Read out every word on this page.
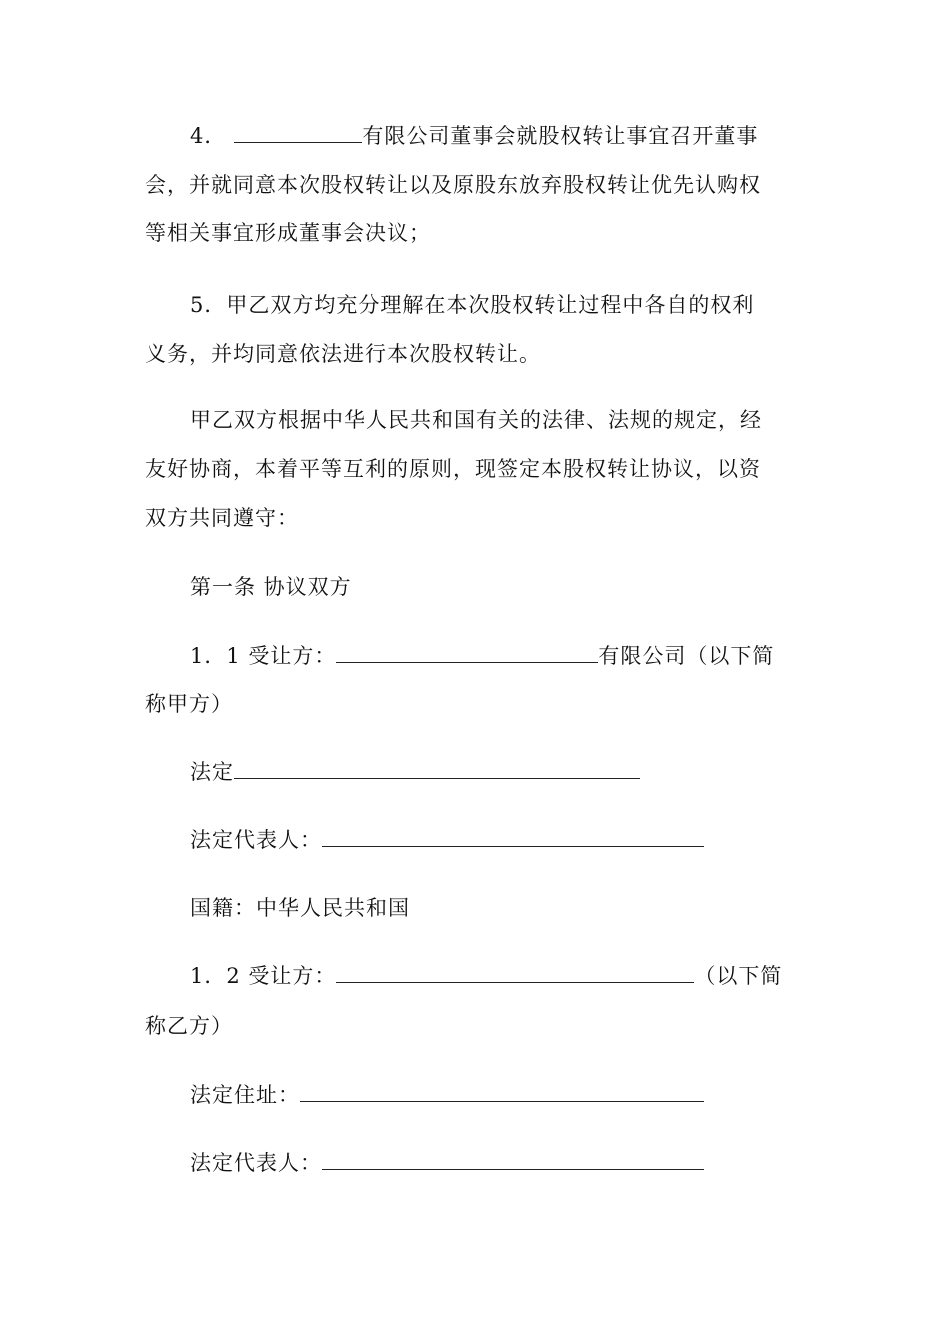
4．	有限公司董事会就股权转让事宜召开董事
会，并就同意本次股权转让以及原股东放弃股权转让优先认购权
等相关事宜形成董事会决议；
5．甲乙双方均充分理解在本次股权转让过程中各自的权利
义务，并均同意依法进行本次股权转让。
甲乙双方根据中华人民共和国有关的法律、法规的规定，经
友好协商，本着平等互利的原则，现签定本股权转让协议，以资
双方共同遵守：
第一条 协议双方
1．1 受让方：	有限公司（以下简
称甲方）
法定
法定代表人：
国籍：中华人民共和国
1．2 受让方：	（以下简
称乙方）
法定住址：
法定代表人：
